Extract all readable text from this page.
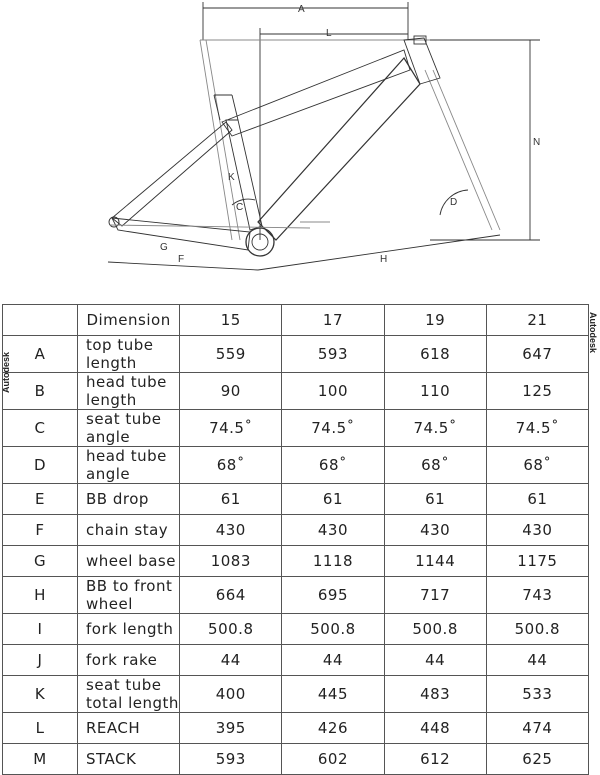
A
L
N
K
G
F	H
D
C
Autodesk
Autodesk
	Dimension	15	17	19	21
A	top tube length	559	593	618	647
B	head tube length	90	100	110	125
C	seat tube angle	74.5˚	74.5˚	74.5˚	74.5˚
D	head tube angle	68˚	68˚	68˚	68˚
E	BB drop	61	61	61	61
F	chain stay	430	430	430	430
G	wheel base	1083	1118	1144	1175
H	BB to front wheel	664	695	717	743
I	fork length	500.8	500.8	500.8	500.8
J	fork rake	44	44	44	44
K	seat tube total length	400	445	483	533
L	REACH	395	426	448	474
M	STACK	593	602	612	625
